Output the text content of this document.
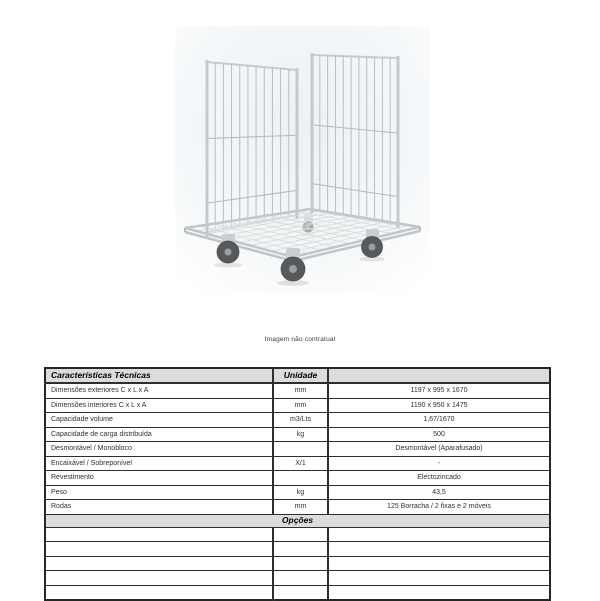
Imagem não contratual
Características Técnicas	Unidade	
Dimensões exteriores C x L x A	mm	1197 x 995 x 1670
Dimensões interiores C x L x A	mm	1190 x 950 x 1475
Capacidade volume	m3/Lts	1,67/1670
Capacidade de carga distribuída	kg	500
Desmontável / Monobloco		Desmontável (Aparafusado)
Encaixável / Sobreponível	X/1	-
Revestimento		Electozincado
Peso	kg	43,5
Rodas	mm	125 Borracha / 2 fixas e 2 móveis
Opções		
